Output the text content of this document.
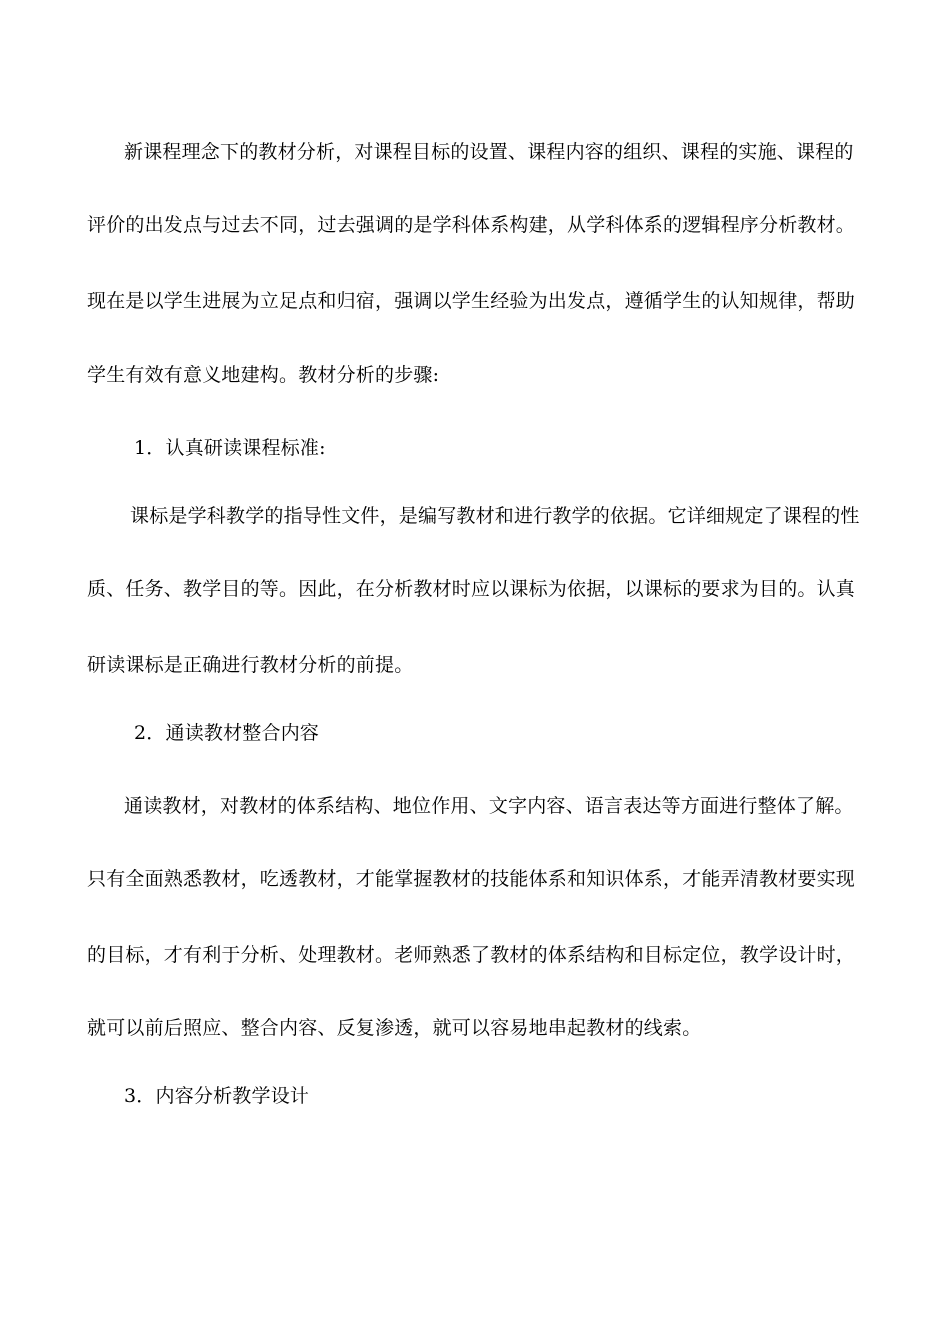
新课程理念下的教材分析，对课程目标的设置、课程内容的组织、课程的实施、课程的
评价的出发点与过去不同，过去强调的是学科体系构建，从学科体系的逻辑程序分析教材。
现在是以学生进展为立足点和归宿，强调以学生经验为出发点，遵循学生的认知规律，帮助
学生有效有意义地建构。教材分析的步骤:
1．认真研读课程标准:
课标是学科教学的指导性文件，是编写教材和进行教学的依据。它详细规定了课程的性
质、任务、教学目的等。因此，在分析教材时应以课标为依据，以课标的要求为目的。认真
研读课标是正确进行教材分析的前提。
2．通读教材整合内容
通读教材，对教材的体系结构、地位作用、文字内容、语言表达等方面进行整体了解。
只有全面熟悉教材，吃透教材，才能掌握教材的技能体系和知识体系，才能弄清教材要实现
的目标，才有利于分析、处理教材。老师熟悉了教材的体系结构和目标定位，教学设计时，
就可以前后照应、整合内容、反复渗透，就可以容易地串起教材的线索。
3．内容分析教学设计
